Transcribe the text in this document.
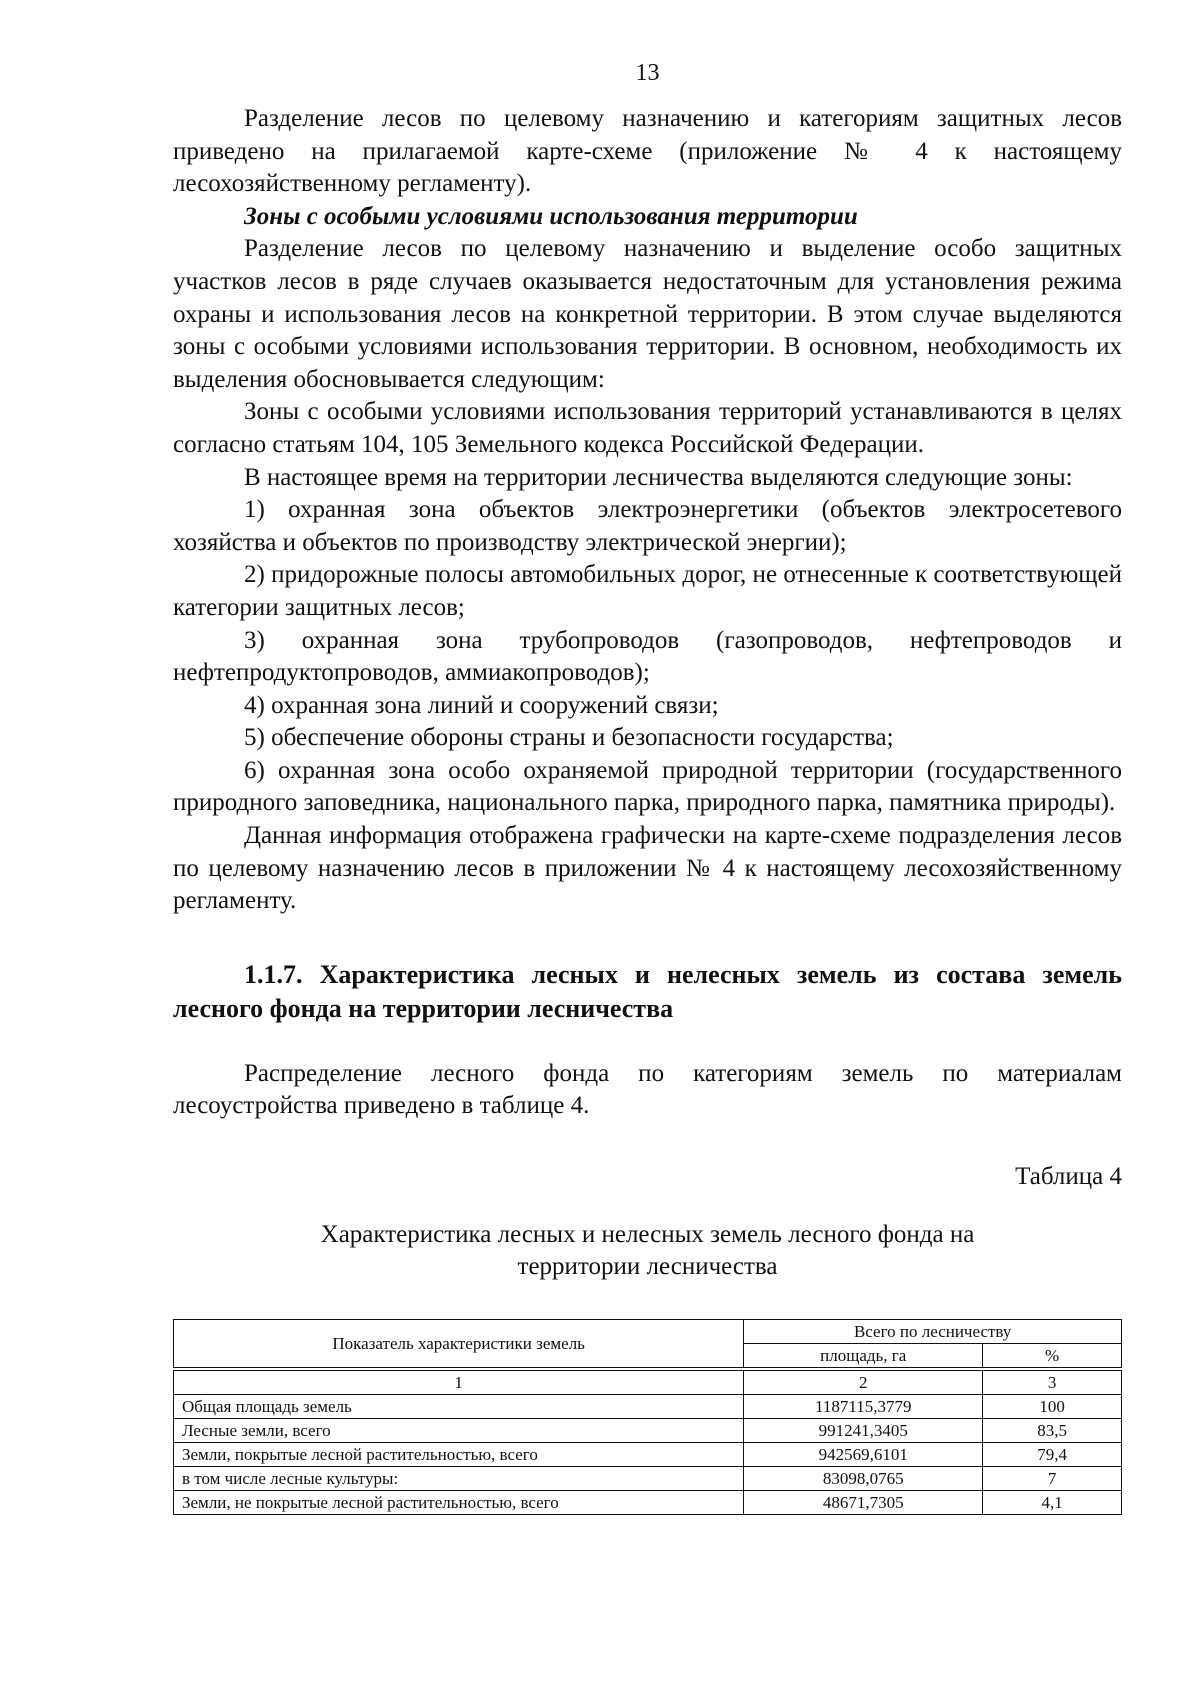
13

Разделение лесов по целевому назначению и категориям защитных лесов приведено на прилагаемой карте-схеме (приложение № 4 к настоящему лесохозяйственному регламенту).

Зоны с особыми условиями использования территории

Разделение лесов по целевому назначению и выделение особо защитных участков лесов в ряде случаев оказывается недостаточным для установления режима охраны и использования лесов на конкретной территории. В этом случае выделяются зоны с особыми условиями использования территории. В основном, необходимость их выделения обосновывается следующим:

Зоны с особыми условиями использования территорий устанавливаются в целях согласно статьям 104, 105 Земельного кодекса Российской Федерации.

В настоящее время на территории лесничества выделяются следующие зоны:

1) охранная зона объектов электроэнергетики (объектов электросетевого хозяйства и объектов по производству электрической энергии);

2) придорожные полосы автомобильных дорог, не отнесенные к соответствующей категории защитных лесов;

3) охранная зона трубопроводов (газопроводов, нефтепроводов и нефтепродуктопроводов, аммиакопроводов);

4) охранная зона линий и сооружений связи;

5) обеспечение обороны страны и безопасности государства;

6) охранная зона особо охраняемой природной территории (государственного природного заповедника, национального парка, природного парка, памятника природы).

Данная информация отображена графически на карте-схеме подразделения лесов по целевому назначению лесов в приложении № 4 к настоящему лесохозяйственному регламенту.

1.1.7. Характеристика лесных и нелесных земель из состава земель лесного фонда на территории лесничества

Распределение лесного фонда по категориям земель по материалам лесоустройства приведено в таблице 4.

Таблица 4
Характеристика лесных и нелесных земель лесного фонда на
территории лесничества
Показатель характеристики земель	Всего по лесничеству	
	площадь, га	%

1	2	3
Общая площадь земель	1187115,3779	100
Лесные земли, всего	991241,3405	83,5
Земли, покрытые лесной растительностью, всего	942569,6101	79,4
в том числе лесные культуры:	83098,0765	7
Земли, не покрытые лесной растительностью, всего	48671,7305	4,1
